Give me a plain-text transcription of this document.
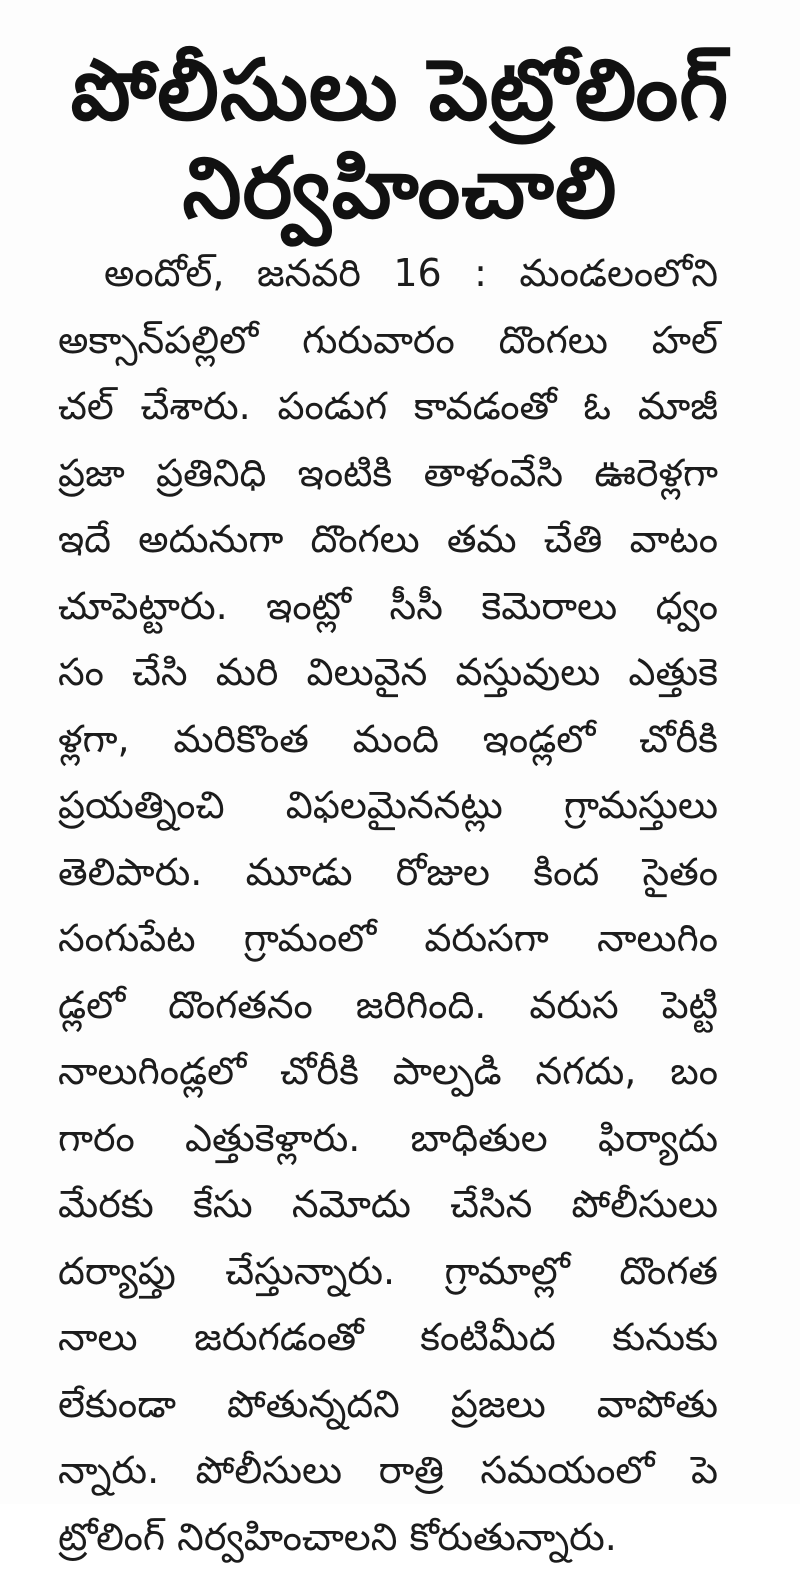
పోలీసులు పెట్రోలింగ్
నిర్వహించాలి
అందోల్, జనవరి 16 : మండలంలోని
అక్సాన్‌పల్లిలో గురువారం దొంగలు హల్
చల్ చేశారు. పండుగ కావడంతో ఓ మాజీ
ప్రజా ప్రతినిధి ఇంటికి తాళంవేసి ఊరెళ్లగా
ఇదే అదునుగా దొంగలు తమ చేతి వాటం
చూపెట్టారు. ఇంట్లో సీసీ కెమెరాలు ధ్వం
సం చేసి మరి విలువైన వస్తువులు ఎత్తుకె
ళ్లగా, మరికొంత మంది ఇండ్లలో చోరీకి
ప్రయత్నించి విఫలమైననట్లు గ్రామస్తులు
తెలిపారు. మూడు రోజుల కింద సైతం
సంగుపేట గ్రామంలో వరుసగా నాలుగిం
డ్లలో దొంగతనం జరిగింది. వరుస పెట్టి
నాలుగిండ్లలో చోరీకి పాల్పడి నగదు, బం
గారం ఎత్తుకెళ్లారు. బాధితుల ఫిర్యాదు
మేరకు కేసు నమోదు చేసిన పోలీసులు
దర్యాప్తు చేస్తున్నారు. గ్రామాల్లో దొంగత
నాలు జరుగడంతో కంటిమీద కునుకు
లేకుండా పోతున్నదని ప్రజలు వాపోతు
న్నారు. పోలీసులు రాత్రి సమయంలో పె
ట్రోలింగ్ నిర్వహించాలని కోరుతున్నారు.
